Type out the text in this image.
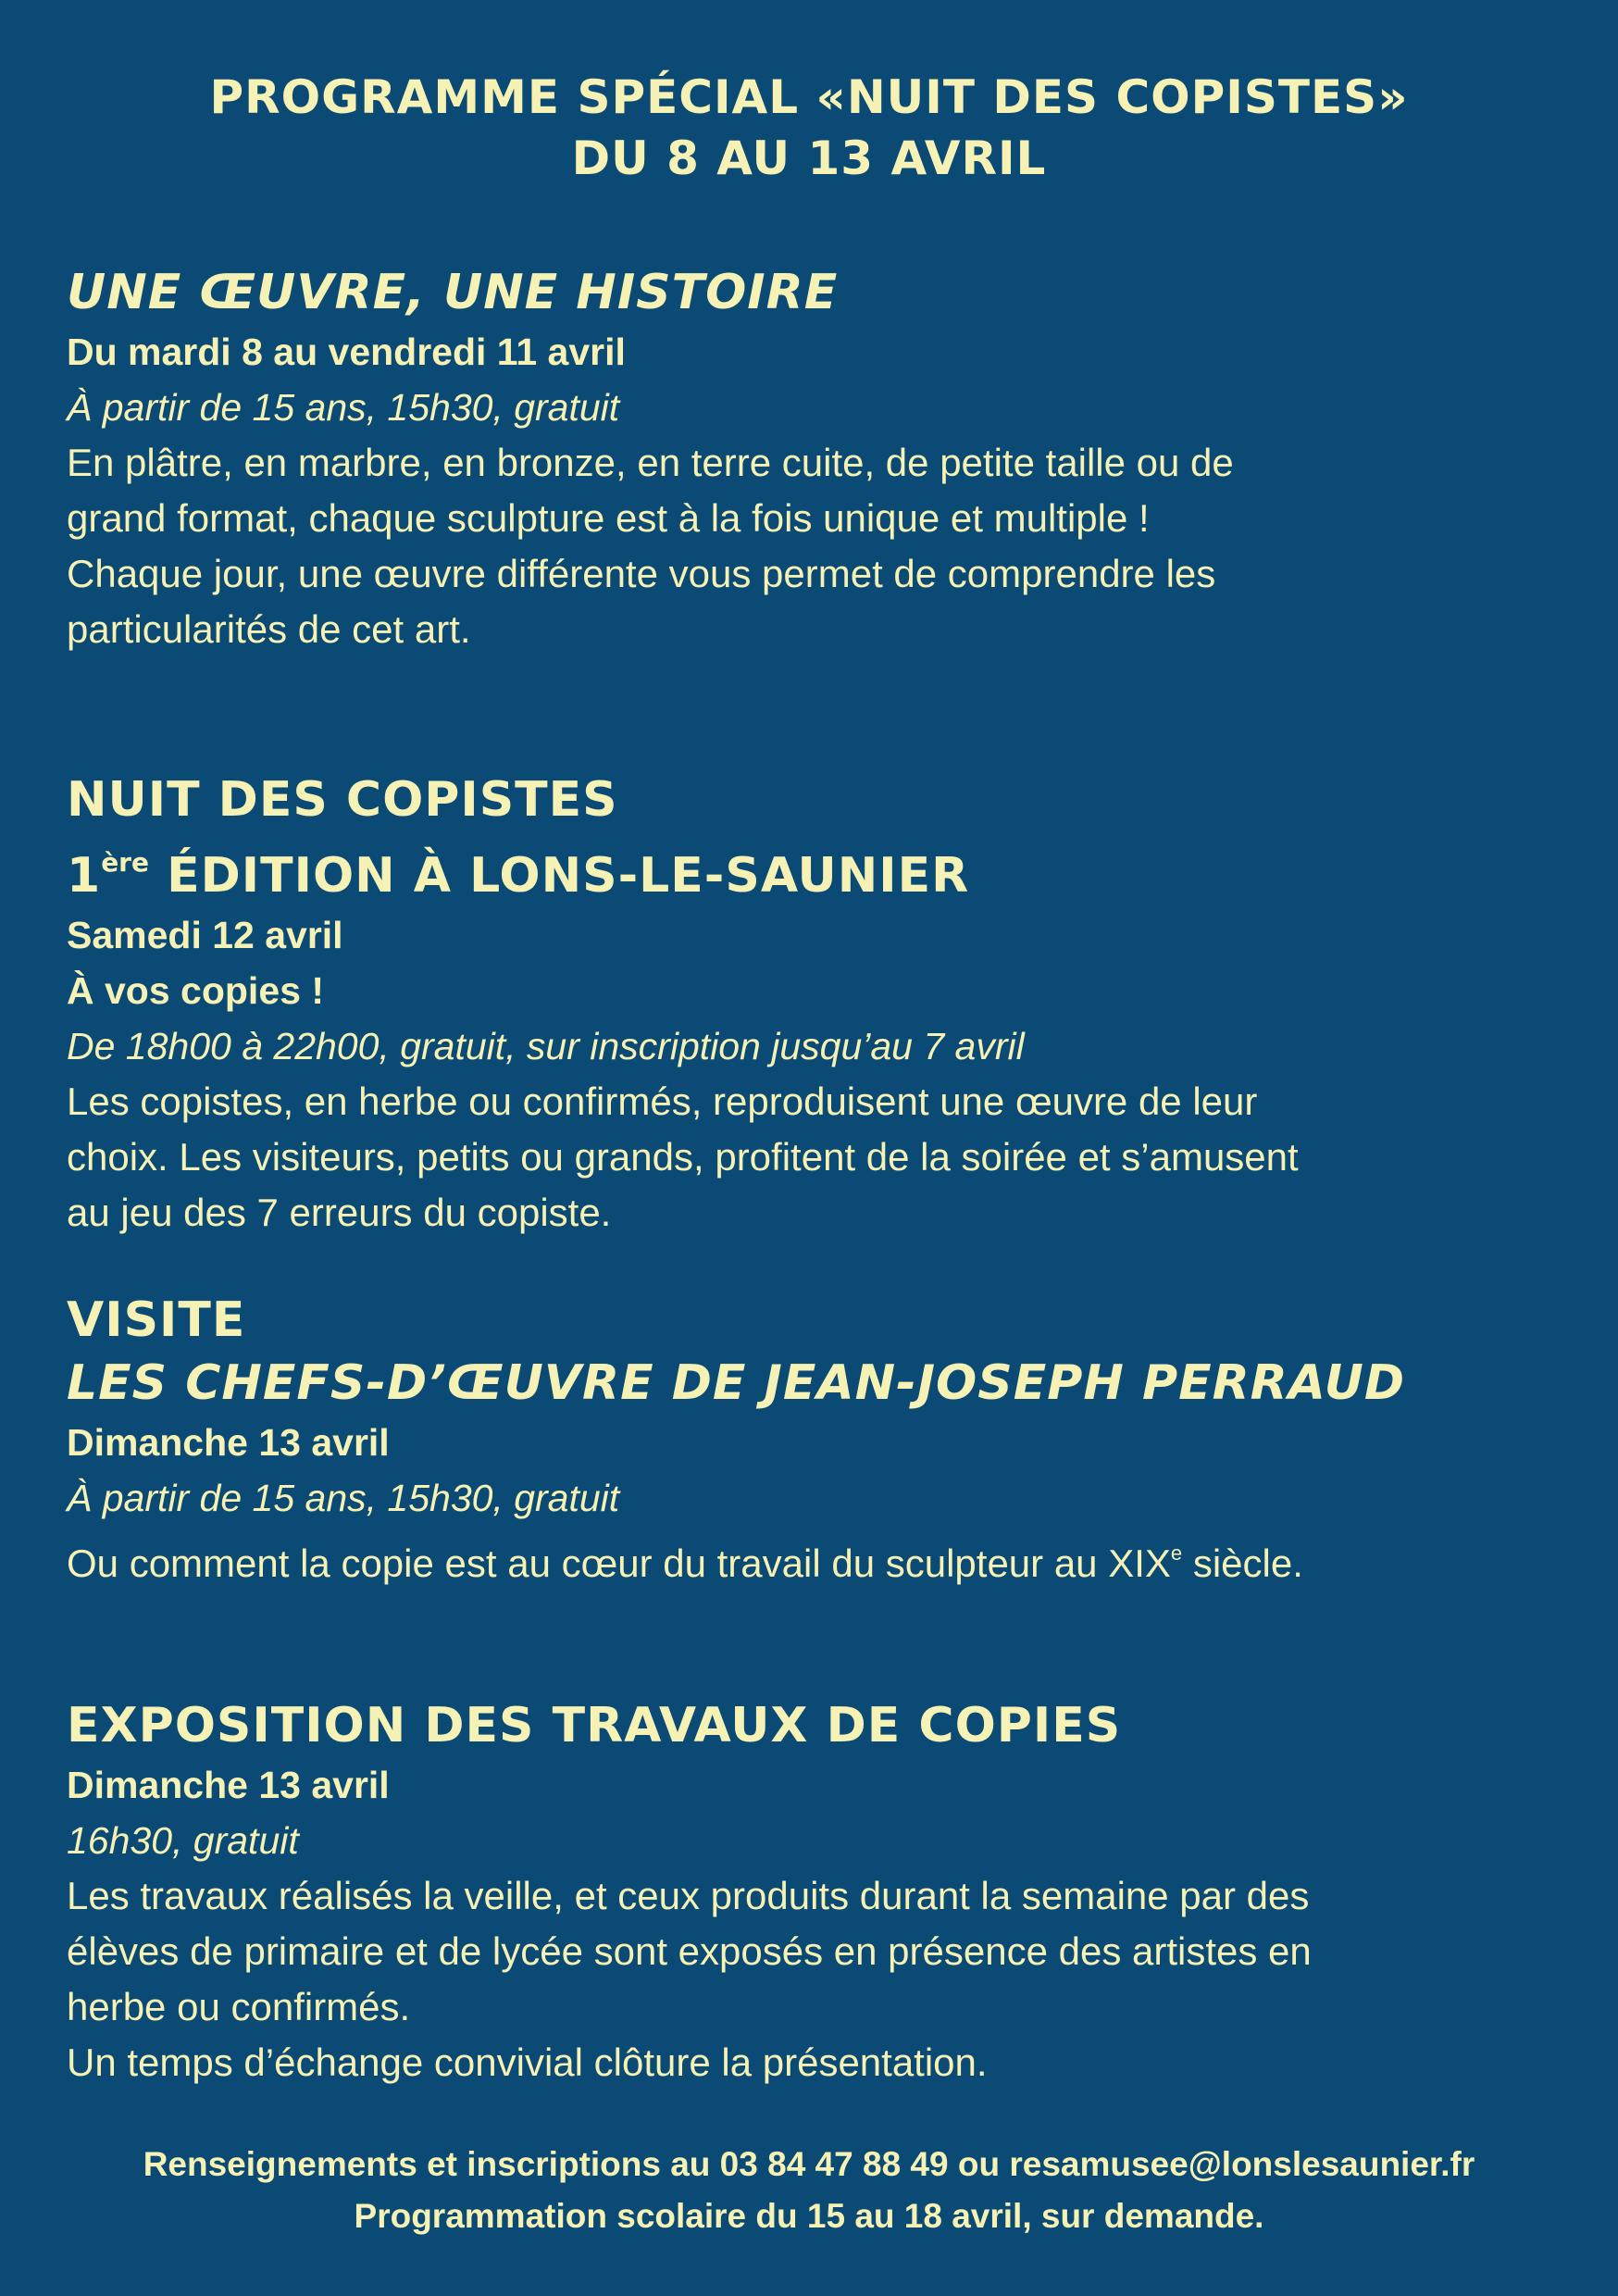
PROGRAMME SPÉCIAL «NUIT DES COPISTES»
DU 8 AU 13 AVRIL
UNE ŒUVRE, UNE HISTOIRE
Du mardi 8 au vendredi 11 avril
À partir de 15 ans, 15h30, gratuit
En plâtre, en marbre, en bronze, en terre cuite, de petite taille ou de
grand format, chaque sculpture est à la fois unique et multiple !
Chaque jour, une œuvre différente vous permet de comprendre les
particularités de cet art.
NUIT DES COPISTES
1ère ÉDITION À LONS-LE-SAUNIER
Samedi 12 avril
À vos copies !
De 18h00 à 22h00, gratuit, sur inscription jusqu’au 7 avril
Les copistes, en herbe ou confirmés, reproduisent une œuvre de leur
choix. Les visiteurs, petits ou grands, profitent de la soirée et s’amusent
au jeu des 7 erreurs du copiste.
VISITE
LES CHEFS-D’ŒUVRE DE JEAN-JOSEPH PERRAUD
Dimanche 13 avril
À partir de 15 ans, 15h30, gratuit
Ou comment la copie est au cœur du travail du sculpteur au XIXe siècle.
EXPOSITION DES TRAVAUX DE COPIES
Dimanche 13 avril
16h30, gratuit
Les travaux réalisés la veille, et ceux produits durant la semaine par des
élèves de primaire et de lycée sont exposés en présence des artistes en
herbe ou confirmés.
Un temps d’échange convivial clôture la présentation.
Renseignements et inscriptions au 03 84 47 88 49 ou resamusee@lonslesaunier.fr
Programmation scolaire du 15 au 18 avril, sur demande.
